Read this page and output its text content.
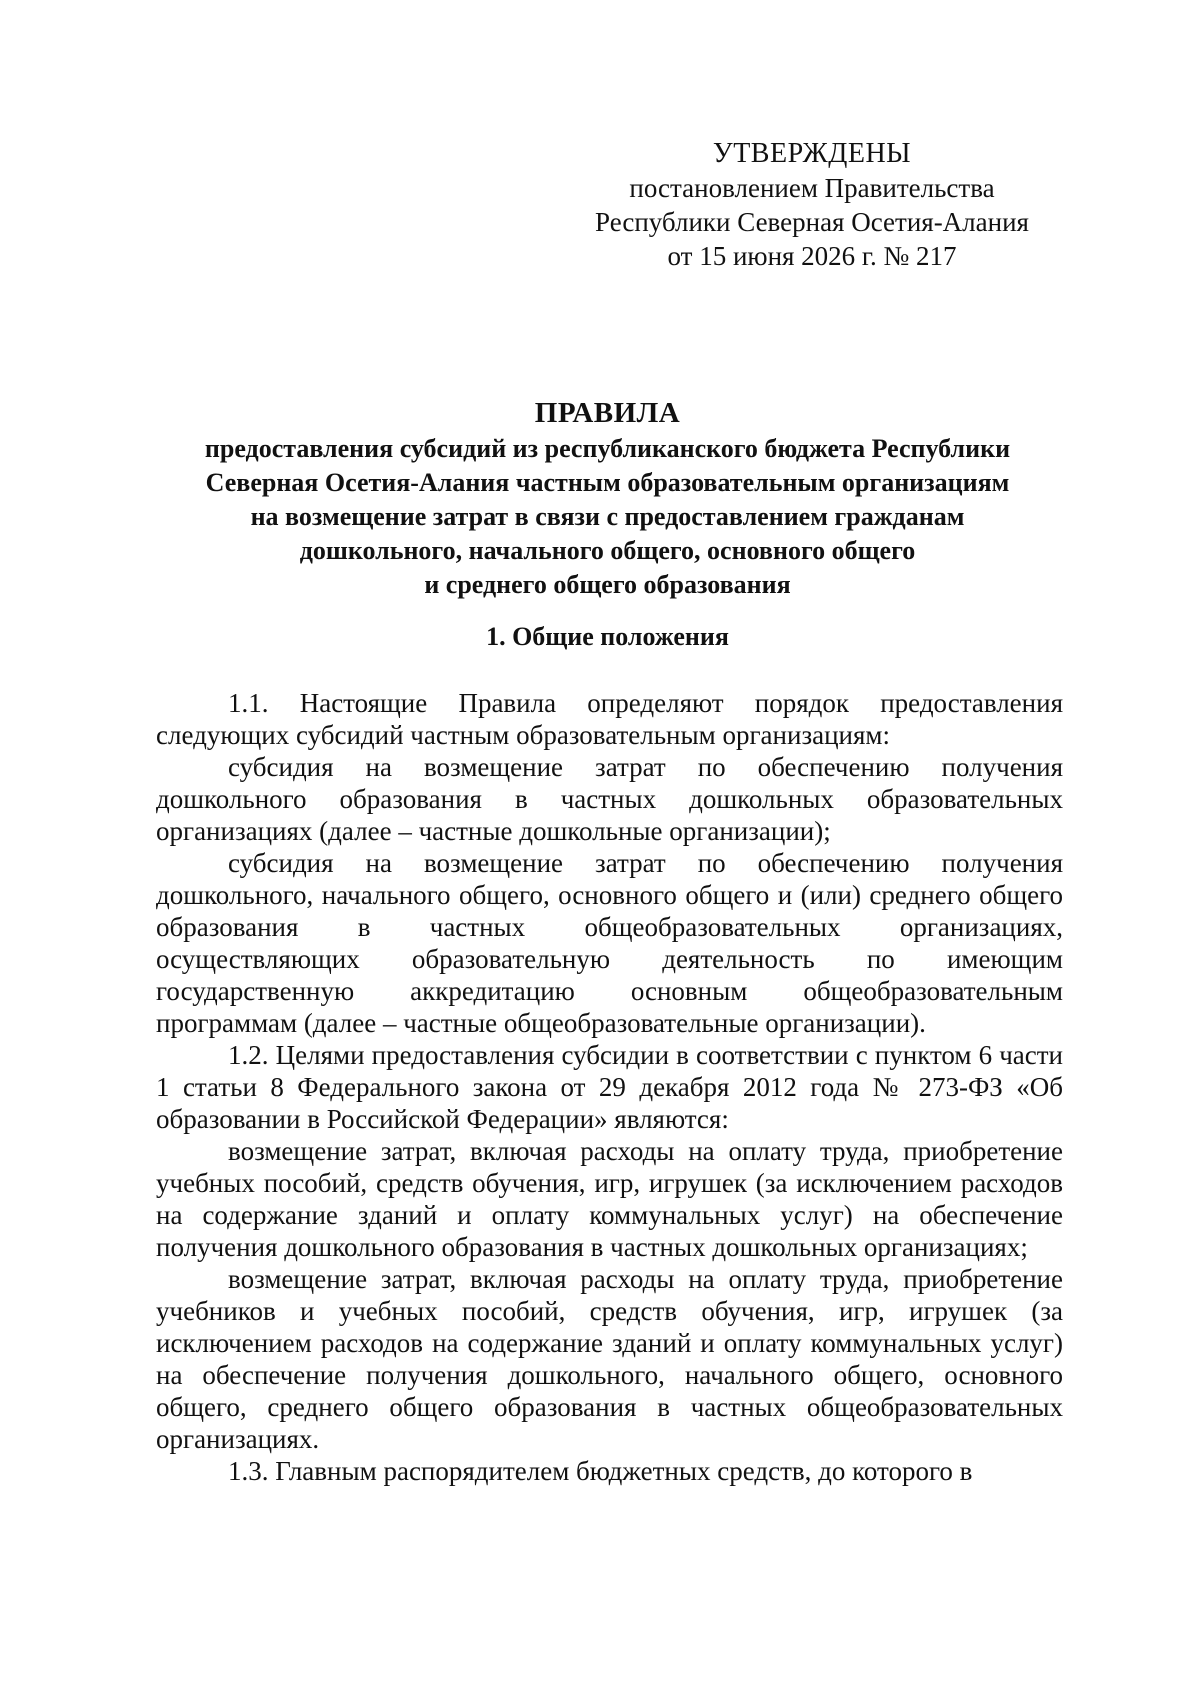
УТВЕРЖДЕНЫ
постановлением Правительства
Республики Северная Осетия-Алания
от 15 июня 2026 г. № 217
ПРАВИЛА
предоставления субсидий из республиканского бюджета Республики
Северная Осетия-Алания частным образовательным организациям
на возмещение затрат в связи с предоставлением гражданам
дошкольного, начального общего, основного общего
и среднего общего образования
1. Общие положения

1.1. Настоящие Правила определяют порядок предоставления следующих субсидий частным образовательным организациям:

субсидия на возмещение затрат по обеспечению получения дошкольного образования в частных дошкольных образовательных организациях (далее – частные дошкольные организации);

субсидия на возмещение затрат по обеспечению получения дошкольного, начального общего, основного общего и (или) среднего общего образования в частных общеобразовательных организациях, осуществляющих образовательную деятельность по имеющим государственную аккредитацию основным общеобразовательным программам (далее – частные общеобразовательные организации).

1.2. Целями предоставления субсидии в соответствии с пунктом 6 части 1 статьи 8 Федерального закона от 29 декабря 2012 года № 273-ФЗ «Об образовании в Российской Федерации» являются:

возмещение затрат, включая расходы на оплату труда, приобретение учебных пособий, средств обучения, игр, игрушек (за исключением расходов на содержание зданий и оплату коммунальных услуг) на обеспечение получения дошкольного образования в частных дошкольных организациях;

возмещение затрат, включая расходы на оплату труда, приобретение учебников и учебных пособий, средств обучения, игр, игрушек (за исключением расходов на содержание зданий и оплату коммунальных услуг) на обеспечение получения дошкольного, начального общего, основного общего, среднего общего образования в частных общеобразовательных организациях.

1.3. Главным распорядителем бюджетных средств, до которого в
